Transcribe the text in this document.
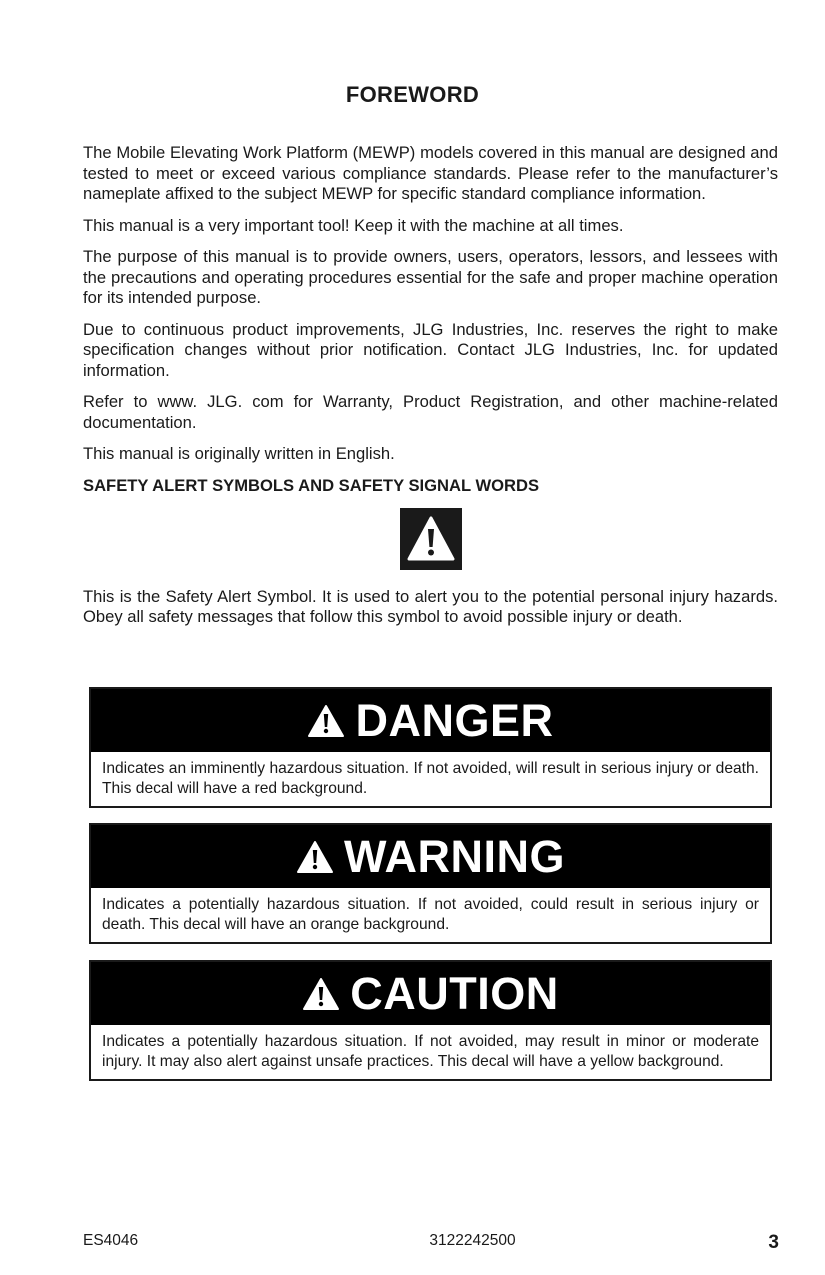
FOREWORD

The Mobile Elevating Work Platform (MEWP) models covered in this manual are designed and tested to meet or exceed various compliance standards. Please refer to the manufacturer’s nameplate affixed to the subject MEWP for specific standard compliance information.

This manual is a very important tool! Keep it with the machine at all times.

The purpose of this manual is to provide owners, users, operators, lessors, and lessees with the precautions and operating procedures essential for the safe and proper machine operation for its intended purpose.

Due to continuous product improvements, JLG Industries, Inc. reserves the right to make specification changes without prior notification. Contact JLG Industries, Inc. for updated information.

Refer to www. JLG. com for Warranty, Product Registration, and other machine-related documentation.

This manual is originally written in English.

SAFETY ALERT SYMBOLS AND SAFETY SIGNAL WORDS

This is the Safety Alert Symbol. It is used to alert you to the potential personal injury hazards. Obey all safety messages that follow this symbol to avoid possible injury or death.

DANGER
Indicates an imminently hazardous situation. If not avoided, will result in serious injury or death. This decal will have a red background.
WARNING
Indicates a potentially hazardous situation. If not avoided, could result in serious injury or death. This decal will have an orange background.
CAUTION
Indicates a potentially hazardous situation. If not avoided, may result in minor or moderate injury. It may also alert against unsafe practices. This decal will have a yellow background.
ES4046	3122242500	3
